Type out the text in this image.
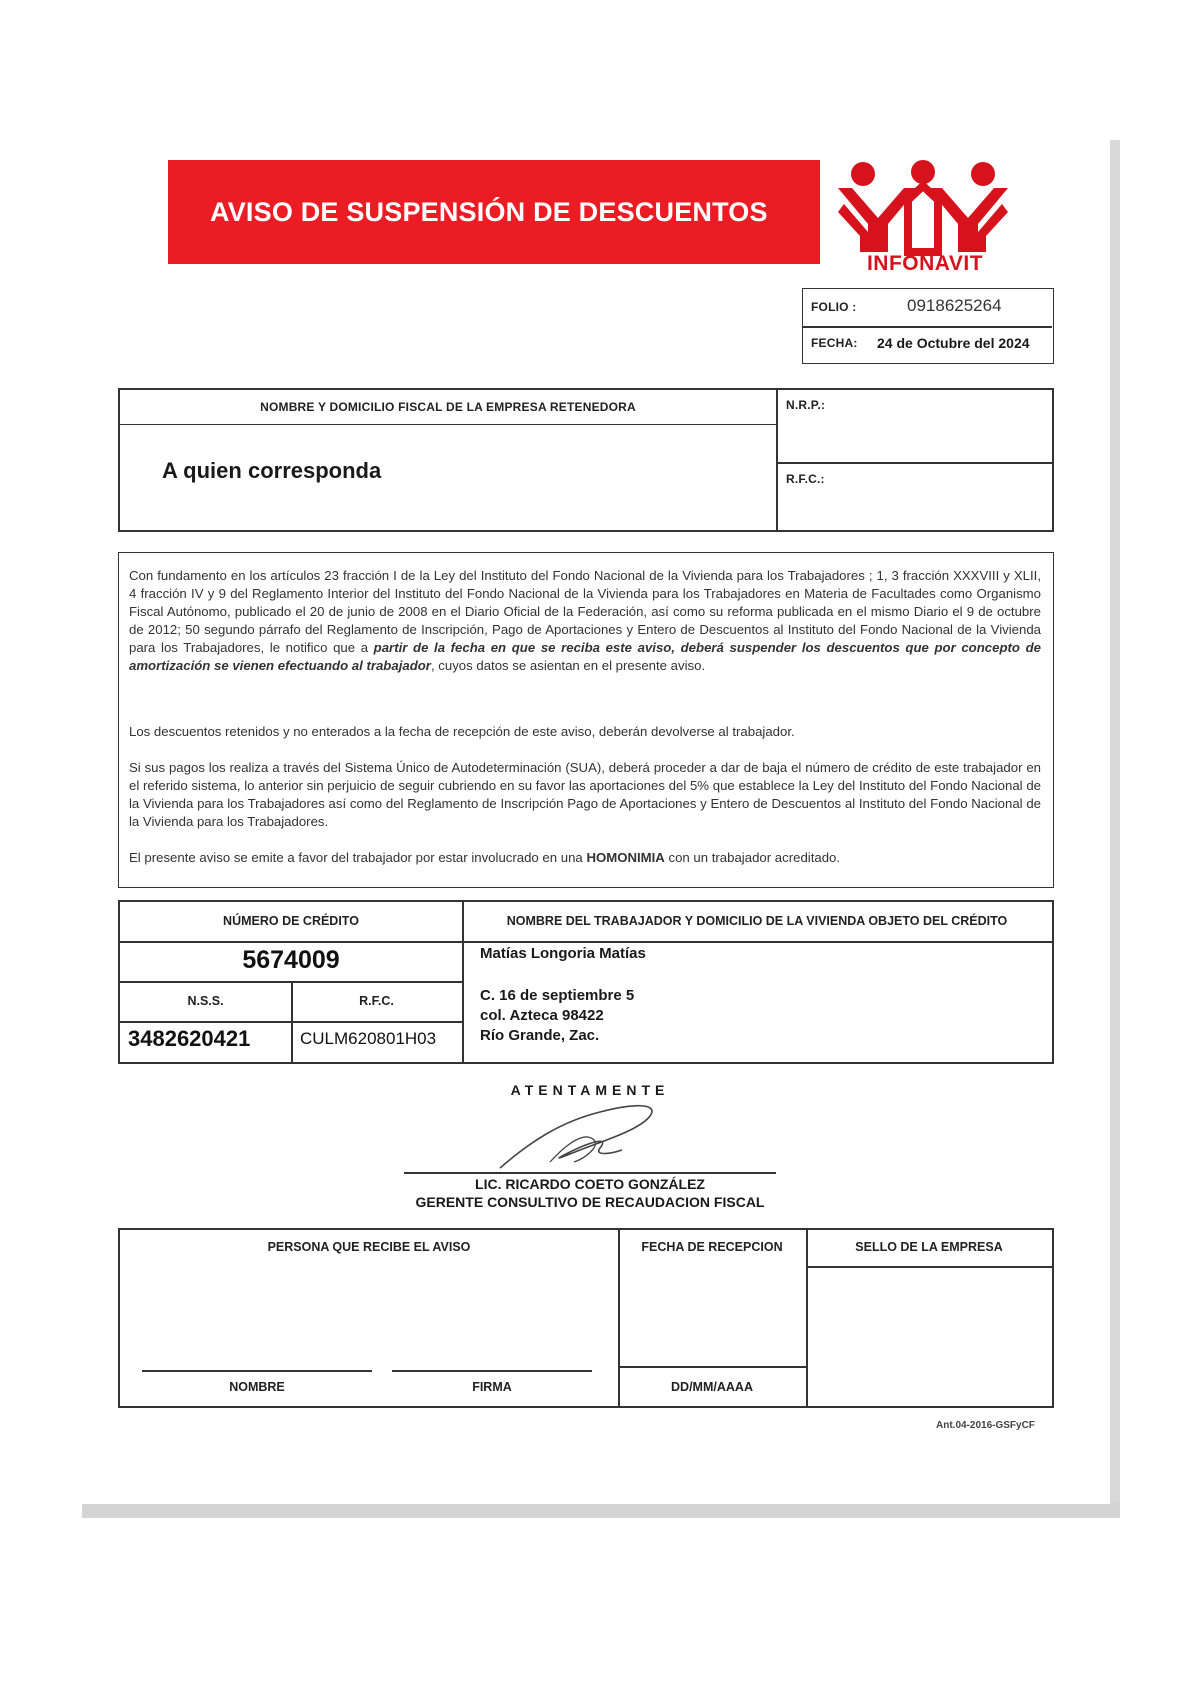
AVISO DE SUSPENSIÓN DE DESCUENTOS
INFONAVIT
FOLIO :	0918625264
FECHA: 24 de Octubre del 2024
NOMBRE Y DOMICILIO FISCAL DE LA EMPRESA RETENEDORA
A quien corresponda
N.R.P.:
R.F.C.:

Con fundamento en los artículos 23 fracción I de la Ley del Instituto del Fondo Nacional de la Vivienda para los Trabajadores ; 1, 3 fracción XXXVIII y XLII, 4 fracción IV y 9 del Reglamento Interior del Instituto del Fondo Nacional de la Vivienda para los Trabajadores en Materia de Facultades como Organismo Fiscal Autónomo, publicado el 20 de junio de 2008 en el Diario Oficial de la Federación, así como su reforma publicada en el mismo Diario el 9 de octubre de 2012; 50 segundo párrafo del Reglamento de Inscripción, Pago de Aportaciones y Entero de Descuentos al Instituto del Fondo Nacional de la Vivienda para los Trabajadores, le notifico que a partir de la fecha en que se reciba este aviso, deberá suspender los descuentos que por concepto de amortización se vienen efectuando al trabajador, cuyos datos se asientan en el presente aviso.

Los descuentos retenidos y no enterados a la fecha de recepción de este aviso, deberán devolverse al trabajador.

Si sus pagos los realiza a través del Sistema Único de Autodeterminación (SUA), deberá proceder a dar de baja el número de crédito de este trabajador en el referido sistema, lo anterior sin perjuicio de seguir cubriendo en su favor las aportaciones del 5% que establece la Ley del Instituto del Fondo Nacional de la Vivienda para los Trabajadores así como del Reglamento de Inscripción Pago de Aportaciones y Entero de Descuentos al Instituto del Fondo Nacional de la Vivienda para los Trabajadores.

El presente aviso se emite a favor del trabajador por estar involucrado en una HOMONIMIA con un trabajador acreditado.

NÚMERO DE CRÉDITO
5674009
N.S.S.	R.F.C.
3482620421	CULM620801H03
NOMBRE DEL TRABAJADOR Y DOMICILIO DE LA VIVIENDA OBJETO DEL CRÉDITO
Matías Longoria Matías
C. 16 de septiembre 5
col. Azteca 98422
Río Grande, Zac.
ATENTAMENTE
LIC. RICARDO COETO GONZÁLEZ
GERENTE CONSULTIVO DE RECAUDACION FISCAL
PERSONA QUE RECIBE EL AVISO	FECHA DE RECEPCION	SELLO DE LA EMPRESA
NOMBRE	FIRMA	DD/MM/AAAA
Ant.04-2016-GSFyCF
